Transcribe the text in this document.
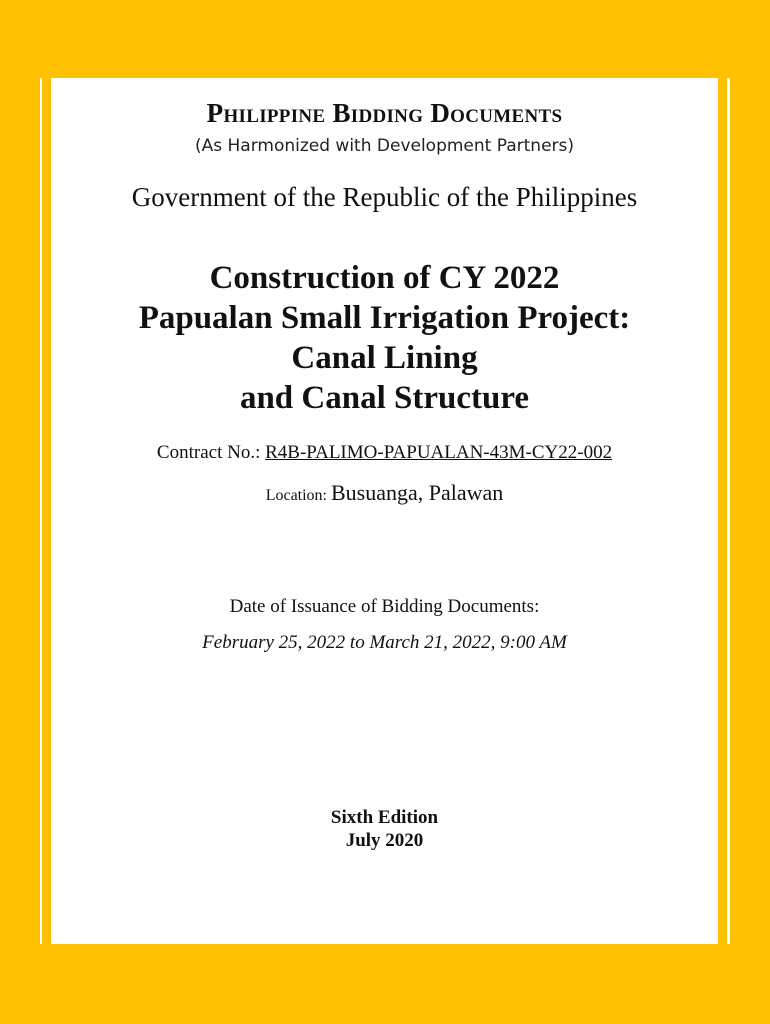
Philippine Bidding Documents
(As Harmonized with Development Partners)
Government of the Republic of the Philippines
Construction of CY 2022
Papualan Small Irrigation Project:
Canal Lining
and Canal Structure
Contract No.: R4B-PALIMO-PAPUALAN-43M-CY22-002
Location: Busuanga, Palawan
Date of Issuance of Bidding Documents:
February 25, 2022 to March 21, 2022, 9:00 AM
Sixth Edition
July 2020
